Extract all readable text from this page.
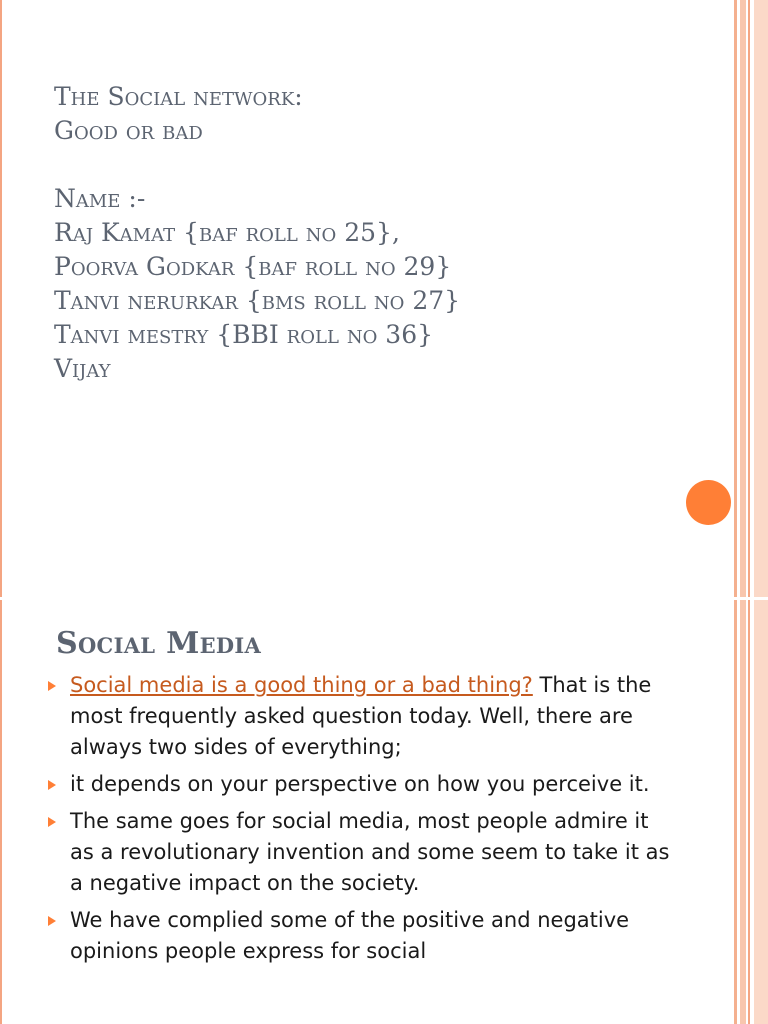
The Social network:
Good or bad
Name :-
Raj Kamat {baf roll no 25},
Poorva Godkar {baf roll no 29}
Tanvi nerurkar {bms roll no 27}
Tanvi mestry {BBI roll no 36}
Vijay
Social Media
Social media is a good thing or a bad thing? That is the most frequently asked question today. Well, there are always two sides of everything;
it depends on your perspective on how you perceive it.
The same goes for social media, most people admire it as a revolutionary invention and some seem to take it as a negative impact on the society.
We have complied some of the positive and negative opinions people express for social
